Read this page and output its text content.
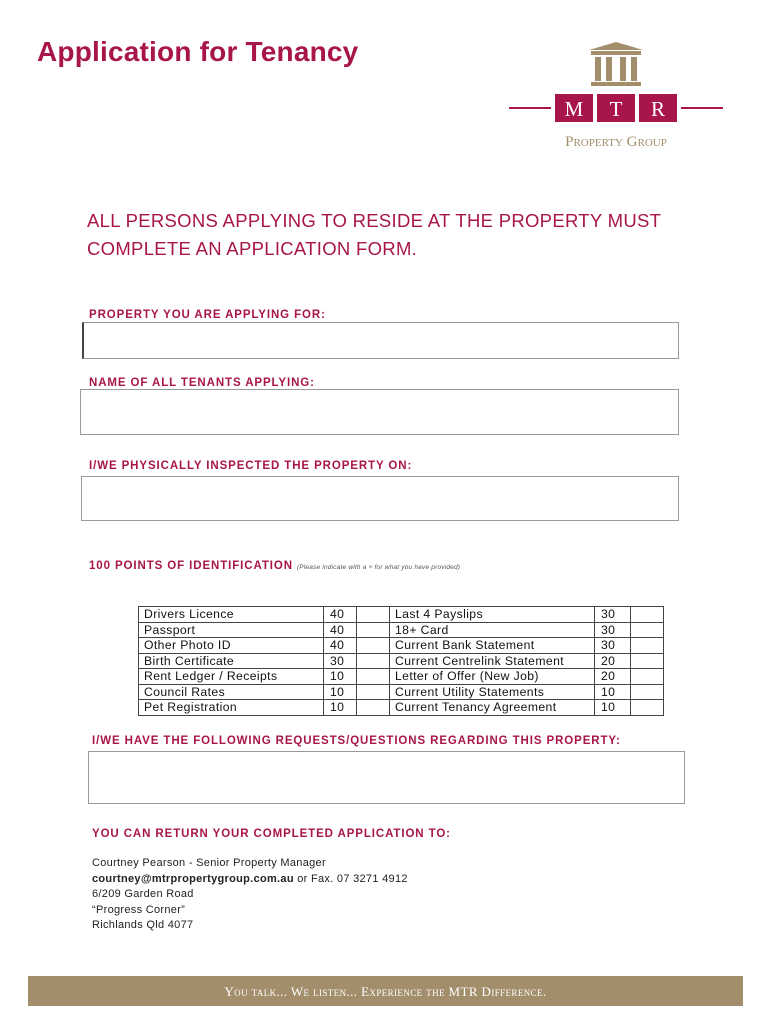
Application for Tenancy
M T R
Property Group
ALL PERSONS APPLYING TO RESIDE AT THE PROPERTY MUST COMPLETE AN APPLICATION FORM.
PROPERTY YOU ARE APPLYING FOR:
NAME OF ALL TENANTS APPLYING:
I/WE PHYSICALLY INSPECTED THE PROPERTY ON:
100 POINTS OF IDENTIFICATION (Please indicate with a × for what you have provided)
Drivers Licence	40		Last 4 Payslips	30	
Passport	40		18+ Card	30	
Other Photo ID	40		Current Bank Statement	30	
Birth Certificate	30		Current Centrelink Statement	20	
Rent Ledger / Receipts	10		Letter of Offer (New Job)	20	
Council Rates	10		Current Utility Statements	10	
Pet Registration	10		Current Tenancy Agreement	10	
I/WE HAVE THE FOLLOWING REQUESTS/QUESTIONS REGARDING THIS PROPERTY:
YOU CAN RETURN YOUR COMPLETED APPLICATION TO:
Courtney Pearson - Senior Property Manager
courtney@mtrpropertygroup.com.au or Fax. 07 3271 4912
6/209 Garden Road
“Progress Corner”
Richlands Qld 4077
You talk... We listen... Experience the MTR Difference.
